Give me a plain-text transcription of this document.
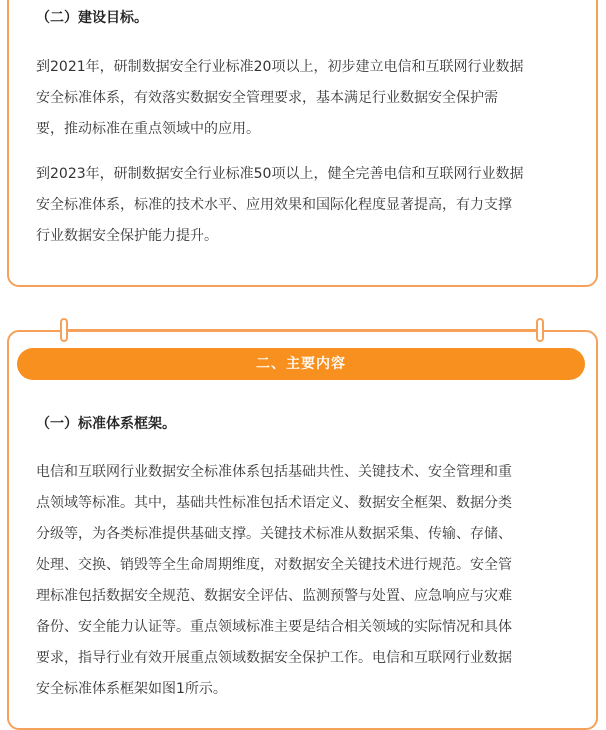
（二）建设目标。
到2021年，研制数据安全行业标准20项以上，初步建立电信和互联网行业数据
安全标准体系，有效落实数据安全管理要求，基本满足行业数据安全保护需
要，推动标准在重点领域中的应用。
到2023年，研制数据安全行业标准50项以上，健全完善电信和互联网行业数据
安全标准体系，标准的技术水平、应用效果和国际化程度显著提高，有力支撑
行业数据安全保护能力提升。
二、主要内容
（一）标准体系框架。
电信和互联网行业数据安全标准体系包括基础共性、关键技术、安全管理和重
点领域等标准。其中，基础共性标准包括术语定义、数据安全框架、数据分类
分级等，为各类标准提供基础支撑。关键技术标准从数据采集、传输、存储、
处理、交换、销毁等全生命周期维度，对数据安全关键技术进行规范。安全管
理标准包括数据安全规范、数据安全评估、监测预警与处置、应急响应与灾难
备份、安全能力认证等。重点领域标准主要是结合相关领域的实际情况和具体
要求，指导行业有效开展重点领域数据安全保护工作。电信和互联网行业数据
安全标准体系框架如图1所示。
